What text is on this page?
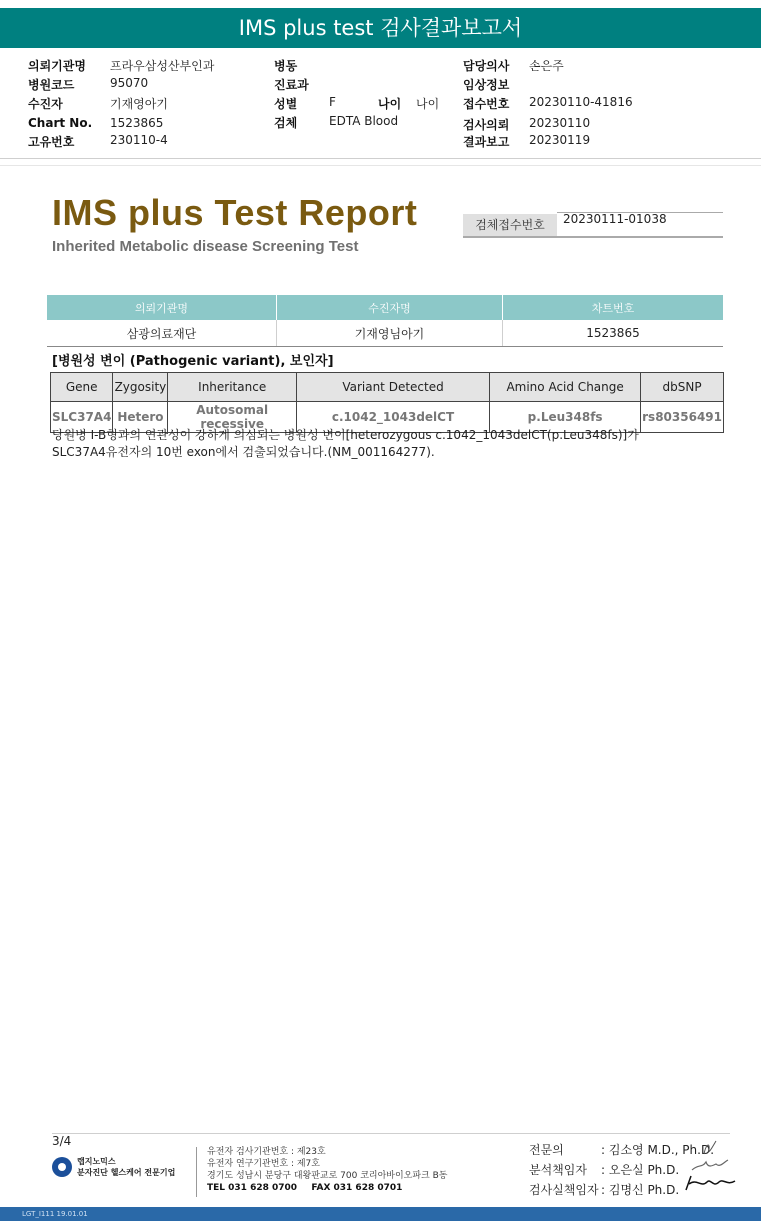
IMS plus test 검사결과보고서
의뢰기관명 프라우삼성산부인과
병원코드	95070
수진자	기재영아기
Chart No. 1523865
고유번호	230110-4
병동
진료과
성별	F	나이 나이
검체	EDTA Blood
담당의사 손은주
임상정보
접수번호 20230110-41816
검사의뢰 20230110
결과보고 20230119
IMS plus Test Report
Inherited Metabolic disease Screening Test
검체접수번호	20230111-01038
의뢰기관명	수진자명	차트번호
삼광의료재단	기재영님아기	1523865
[병원성 변이 (Pathogenic variant), 보인자]
Gene	Zygosity	Inheritance	Variant Detected	Amino Acid Change	dbSNP
SLC37A4	Hetero	Autosomal recessive	c.1042_1043delCT	p.Leu348fs	rs80356491
당원병 I-B형과의 연관성이 강하게 의심되는 병원성 변이[heterozygous c.1042_1043delCT(p.Leu348fs)]가
SLC37A4유전자의 10번 exon에서 검출되었습니다.(NM_001164277).
3/4
랩지노믹스
분자진단 헬스케어 전문기업
유전자 검사기관번호 : 제23호
유전자 연구기관번호 : 제7호
경기도 성남시 분당구 대왕판교로 700 코리아바이오파크 B동
TEL 031 628 0700 FAX 031 628 0701
전문의	: 김소영 M.D., Ph.D.
분석책임자 : 오은실 Ph.D.
검사실책임자 : 김명신 Ph.D.
LGT_I111 19.01.01
